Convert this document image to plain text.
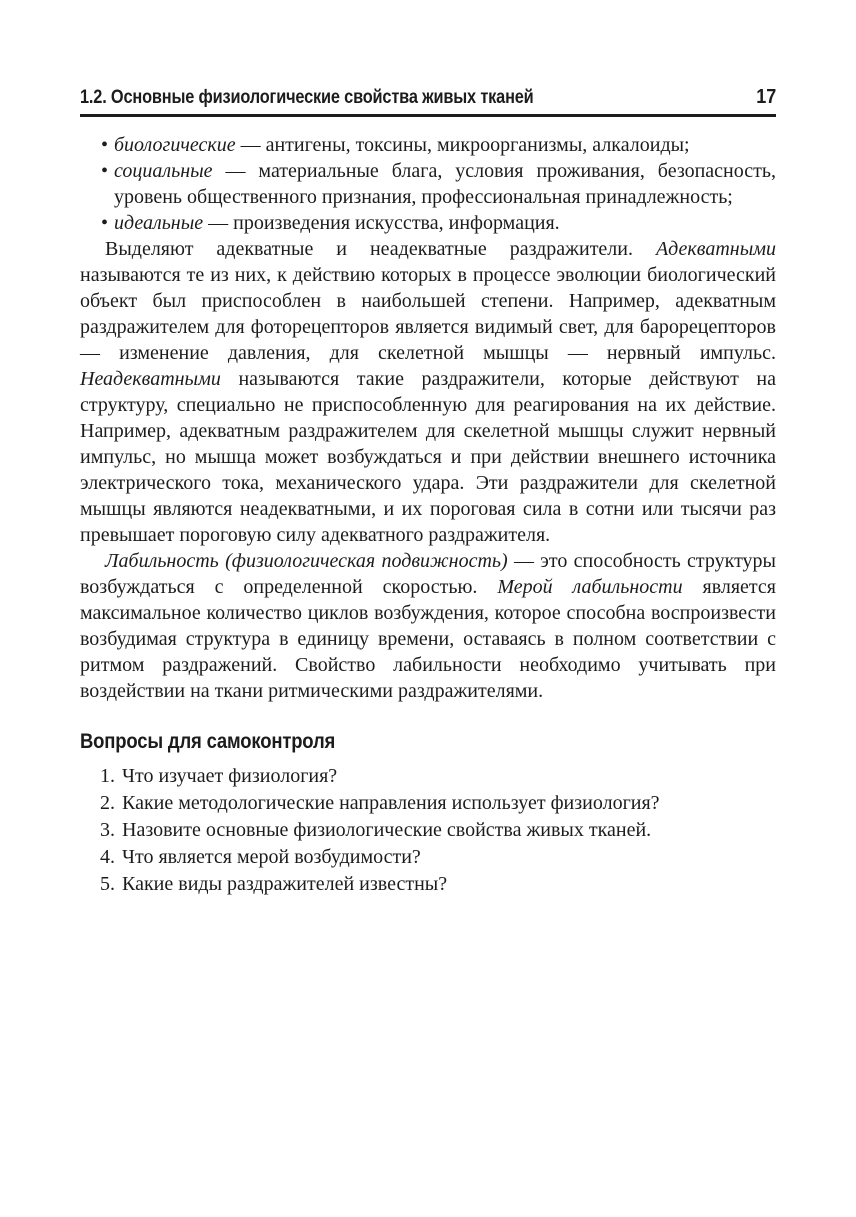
1.2. Основные физиологические свойства живых тканей	17
• биологические — антигены, токсины, микроорганизмы, алкалоиды;
• социальные — материальные блага, условия проживания, безопасность, уровень общественного признания, профессиональная принадлежность;
• идеальные — произведения искусства, информация.

Выделяют адекватные и неадекватные раздражители. Адекватными называются те из них, к действию которых в процессе эволюции биологический объект был приспособлен в наибольшей степени. Например, адекватным раздражителем для фоторецепторов является видимый свет, для барорецепторов — изменение давления, для скелетной мышцы — нервный импульс. Неадекватными называются такие раздражители, которые действуют на структуру, специально не приспособленную для реагирования на их действие. Например, адекватным раздражителем для скелетной мышцы служит нервный импульс, но мышца может возбуждаться и при действии внешнего источника электрического тока, механического удара. Эти раздражители для скелетной мышцы являются неадекватными, и их пороговая сила в сотни или тысячи раз превышает пороговую силу адекватного раздражителя.

Лабильность (физиологическая подвижность) — это способность структуры возбуждаться с определенной скоростью. Мерой лабильности является максимальное количество циклов возбуждения, которое способна воспроизвести возбудимая структура в единицу времени, оставаясь в полном соответствии с ритмом раздражений. Свойство лабильности необходимо учитывать при воздействии на ткани ритмическими раздражителями.

Вопросы для самоконтроля
1. Что изучает физиология?
2. Какие методологические направления использует физиология?
3. Назовите основные физиологические свойства живых тканей.
4. Что является мерой возбудимости?
5. Какие виды раздражителей известны?
